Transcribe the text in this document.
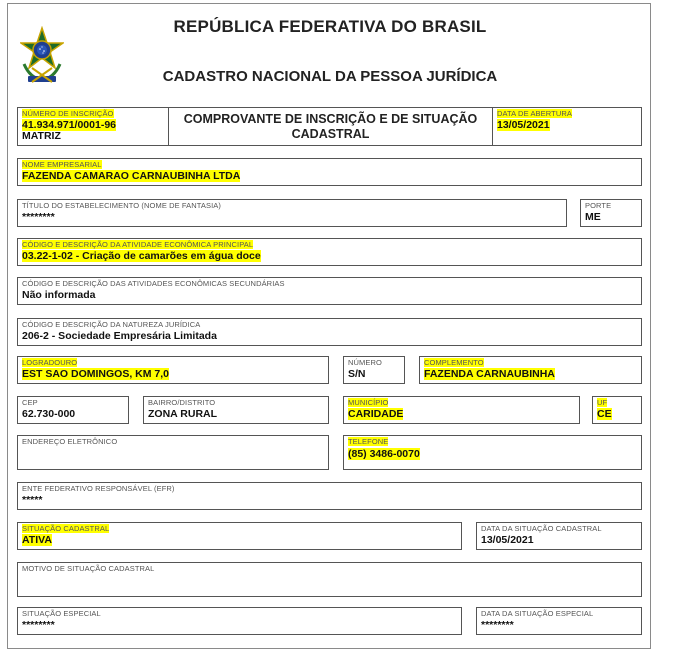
REPÚBLICA FEDERATIVA DO BRASIL
CADASTRO NACIONAL DA PESSOA JURÍDICA
NÚMERO DE INSCRIÇÃO
41.934.971/0001-96
MATRIZ
COMPROVANTE DE INSCRIÇÃO E DE SITUAÇÃO
CADASTRAL
DATA DE ABERTURA
13/05/2021
NOME EMPRESARIAL
FAZENDA CAMARAO CARNAUBINHA LTDA
TÍTULO DO ESTABELECIMENTO (NOME DE FANTASIA)
********
PORTE
ME
CÓDIGO E DESCRIÇÃO DA ATIVIDADE ECONÔMICA PRINCIPAL
03.22-1-02 - Criação de camarões em água doce
CÓDIGO E DESCRIÇÃO DAS ATIVIDADES ECONÔMICAS SECUNDÁRIAS
Não informada
CÓDIGO E DESCRIÇÃO DA NATUREZA JURÍDICA
206-2 - Sociedade Empresária Limitada
LOGRADOURO
EST SAO DOMINGOS, KM 7,0
NÚMERO
S/N
COMPLEMENTO
FAZENDA CARNAUBINHA
CEP
62.730-000
BAIRRO/DISTRITO
ZONA RURAL
MUNICÍPIO
CARIDADE
UF
CE
ENDEREÇO ELETRÔNICO	TELEFONE
(85) 3486-0070
ENTE FEDERATIVO RESPONSÁVEL (EFR)
*****
SITUAÇÃO CADASTRAL
ATIVA
DATA DA SITUAÇÃO CADASTRAL
13/05/2021
MOTIVO DE SITUAÇÃO CADASTRAL
SITUAÇÃO ESPECIAL
********
DATA DA SITUAÇÃO ESPECIAL
********
